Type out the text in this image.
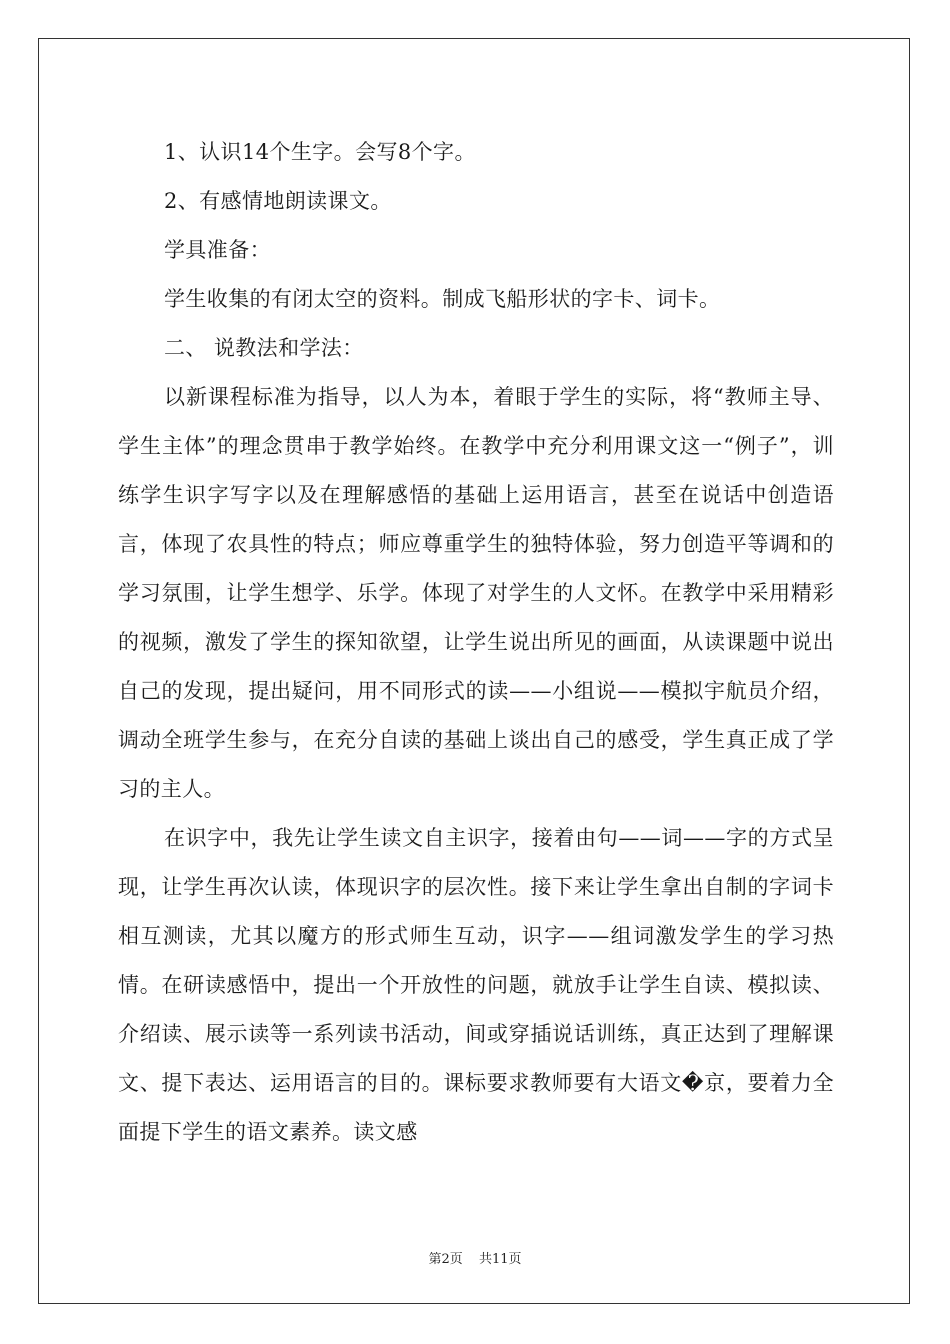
1、认识14个生字。会写8个字。
2、有感情地朗读课文。
学具准备：
学生收集的有闭太空的资料。制成飞船形状的字卡、词卡。
二、 说教法和学法：
以新课程标准为指导，以人为本，着眼于学生的实际，将“教师主导、学生主体”的理念贯串于教学始终。在教学中充分利用课文这一“例子”，训练学生识字写字以及在理解感悟的基础上运用语言，甚至在说话中创造语言，体现了农具性的特点；师应尊重学生的独特体验，努力创造平等调和的学习氛围，让学生想学、乐学。体现了对学生的人文怀。在教学中采用精彩的视频，激发了学生的探知欲望，让学生说出所见的画面，从读课题中说出自己的发现，提出疑问，用不同形式的读——小组说——模拟宇航员介绍，调动全班学生参与，在充分自读的基础上谈出自己的感受，学生真正成了学习的主人。
在识字中，我先让学生读文自主识字，接着由句——词——字的方式呈现，让学生再次认读，体现识字的层次性。接下来让学生拿出自制的字词卡相互测读，尤其以魔方的形式师生互动，识字——组词激发学生的学习热情。在研读感悟中，提出一个开放性的问题，就放手让学生自读、模拟读、介绍读、展示读等一系列读书活动，间或穿插说话训练，真正达到了理解课文、提下表达、运用语言的目的。课标要求教师要有大语文�京，要着力全面提下学生的语文素养。读文感
第2页 共11页
